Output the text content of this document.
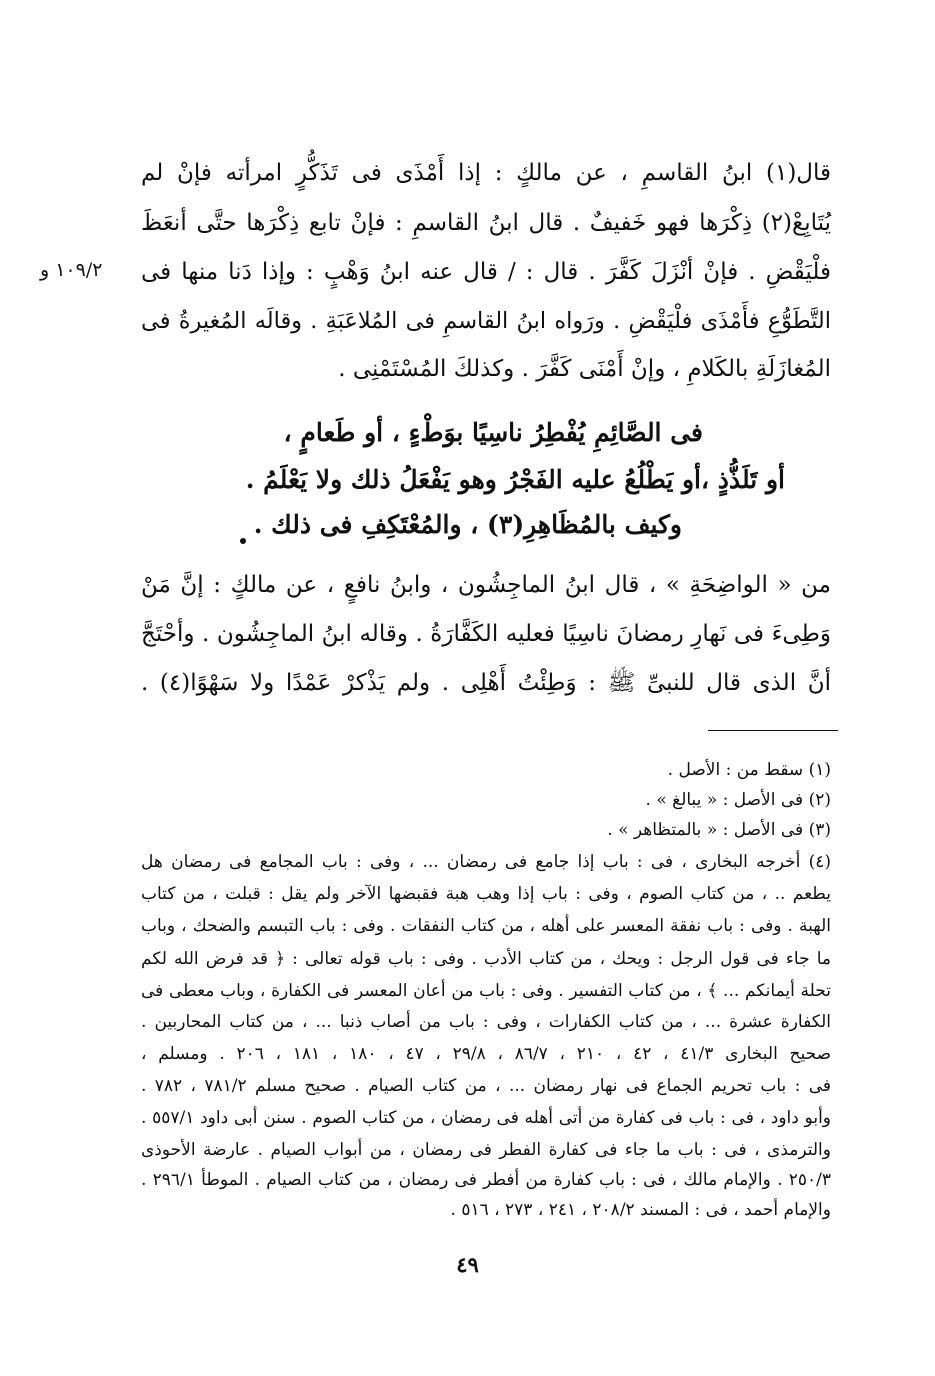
قال(١) ابنُ القاسمِ ، عن مالكٍ : إذا أَمْذَى فى تَذَكُّرٍ امرأته فإنْ لم
يُتَابِعْ(٢) ذِكْرَها فهو خَفيفٌ . قال ابنُ القاسمِ : فإنْ تابع ذِكْرَها حتَّى أنعَظَ
فلْيَقْضِ . فإنْ أنْزَلَ كَفَّرَ . قال : / قال عنه ابنُ وَهْبٍ : وإذا دَنا منها فى
التَّطَوُّعِ فأَمْذَى فلْيَقْضِ . ورَواه ابنُ القاسمِ فى المُلاعَبَةِ . وقالَه المُغيرةُ فى
المُغازَلَةِ بالكَلامِ ، وإنْ أَمْنَى كَفَّرَ . وكذلكَ المُسْتَمْنِى .
١٠٩/٢ و
فى الصَّائِمِ يُفْطِرُ ناسِيًا بوَطْءٍ ، أو طَعامٍ ،
أو تَلَذُّذٍ ،أو يَطْلُعُ عليه الفَجْرُ وهو يَفْعَلُ ذلك ولا يَعْلَمُ .
وكيف بالمُظَاهِرِ(٣) ، والمُعْتَكِفِ فى ذلك .
من « الواضِحَةِ » ، قال ابنُ الماجِشُون ، وابنُ نافعٍ ، عن مالكٍ : إنَّ مَنْ
وَطِىءَ فى نَهارِ رمضانَ ناسِيًا فعليه الكَفَّارَةُ . وقاله ابنُ الماجِشُون . وأحْتَجَّ
أنَّ الذى قال للنبىِّ ﷺ : وَطِئْتُ أَهْلِى . ولم يَذْكرْ عَمْدًا ولا سَهْوًا(٤) .
(١) سقط من : الأصل .
(٢) فى الأصل : « يبالغ » .
(٣) فى الأصل : « بالمتظاهر » .
(٤) أخرجه البخارى ، فى : باب إذا جامع فى رمضان ... ، وفى : باب المجامع فى رمضان هل
يطعم .. ، من كتاب الصوم ، وفى : باب إذا وهب هبة فقبضها الآخر ولم يقل : قبلت ، من كتاب
الهبة . وفى : باب نفقة المعسر على أهله ، من كتاب النفقات . وفى : باب التبسم والضحك ، وباب
ما جاء فى قول الرجل : ويحك ، من كتاب الأدب . وفى : باب قوله تعالى : ﴿ قد فرض الله لكم
تحلة أيمانكم ... ﴾ ، من كتاب التفسير . وفى : باب من أعان المعسر فى الكفارة ، وباب معطى فى
الكفارة عشرة ... ، من كتاب الكفارات ، وفى : باب من أصاب ذنبا ... ، من كتاب المحاربين .
صحيح البخارى ٤١/٣ ، ٤٢ ، ٢١٠ ، ٨٦/٧ ، ٢٩/٨ ، ٤٧ ، ١٨٠ ، ١٨١ ، ٢٠٦ . ومسلم ،
فى : باب تحريم الجماع فى نهار رمضان ... ، من كتاب الصيام . صحيح مسلم ٧٨١/٢ ، ٧٨٢ .
وأبو داود ، فى : باب فى كفارة من أتى أهله فى رمضان ، من كتاب الصوم . سنن أبى داود ٥٥٧/١ .
والترمذى ، فى : باب ما جاء فى كفارة الفطر فى رمضان ، من أبواب الصيام . عارضة الأحوذى
٢٥٠/٣ . والإمام مالك ، فى : باب كفارة من أفطر فى رمضان ، من كتاب الصيام . الموطأ ٢٩٦/١ .
والإمام أحمد ، فى : المسند ٢٠٨/٢ ، ٢٤١ ، ٢٧٣ ، ٥١٦ .
٤٩
